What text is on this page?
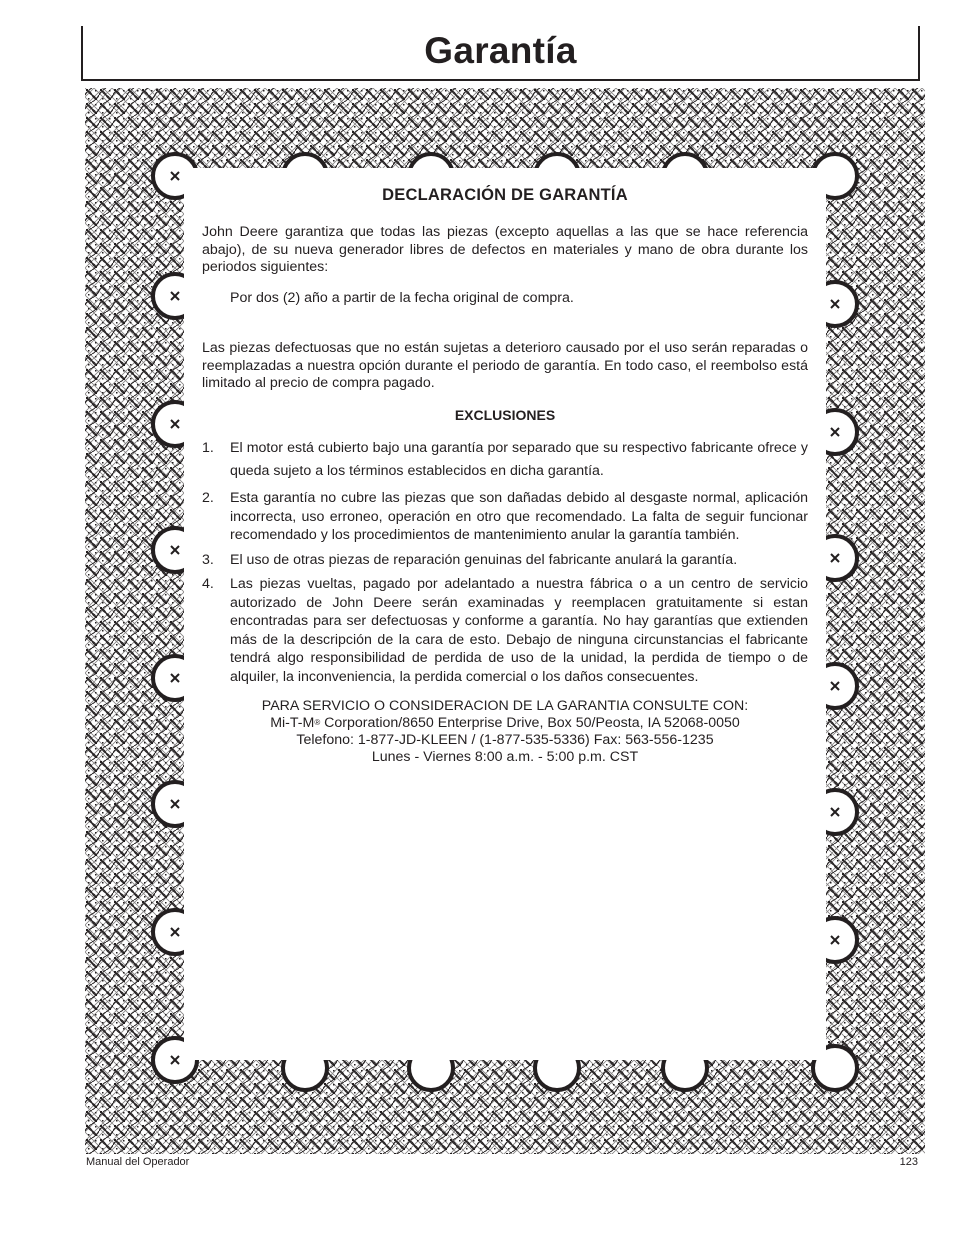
Garantía
DECLARACIÓN DE GARANTÍA

John Deere garantiza que todas las piezas (excepto aquellas a las que se hace referencia abajo), de su nueva generador libres de defectos en materiales y mano de obra durante los periodos siguientes:

Por dos (2) año a partir de la fecha original de compra.

Las piezas defectuosas que no están sujetas a deterioro causado por el uso serán reparadas o reemplazadas a nuestra opción durante el periodo de garantía. En todo caso, el reembolso está limitado al precio de compra pagado.

EXCLUSIONES

1. El motor está cubierto bajo una garantía por separado que su respectivo fabricante ofrece y queda sujeto a los términos establecidos en dicha garantía.
2. Esta garantía no cubre las piezas que son dañadas debido al desgaste normal, aplicación incorrecta, uso erroneo, operación en otro que recomendado. La falta de seguir funcionar recomendado y los procedimientos de mantenimiento anular la garantía también.
3. El uso de otras piezas de reparación genuinas del fabricante anulará la garantía.
4. Las piezas vueltas, pagado por adelantado a nuestra fábrica o a un centro de servicio autorizado de John Deere serán examinadas y reemplacen gratuitamente si estan encontradas para ser defectuosas y conforme a garantía. No hay garantías que extienden más de la descripción de la cara de esto. Debajo de ninguna circunstancias el fabricante tendrá algo responsibilidad de perdida de uso de la unidad, la perdida de tiempo o de alquiler, la inconveniencia, la perdida comercial o los daños consecuentes.
PARA SERVICIO O CONSIDERACION DE LA GARANTIA CONSULTE CON:
Mi-T-M® Corporation/8650 Enterprise Drive, Box 50/Peosta, IA 52068-0050
Telefono: 1-877-JD-KLEEN / (1-877-535-5336) Fax: 563-556-1235
Lunes - Viernes 8:00 a.m. - 5:00 p.m. CST
Manual del Operador	123
